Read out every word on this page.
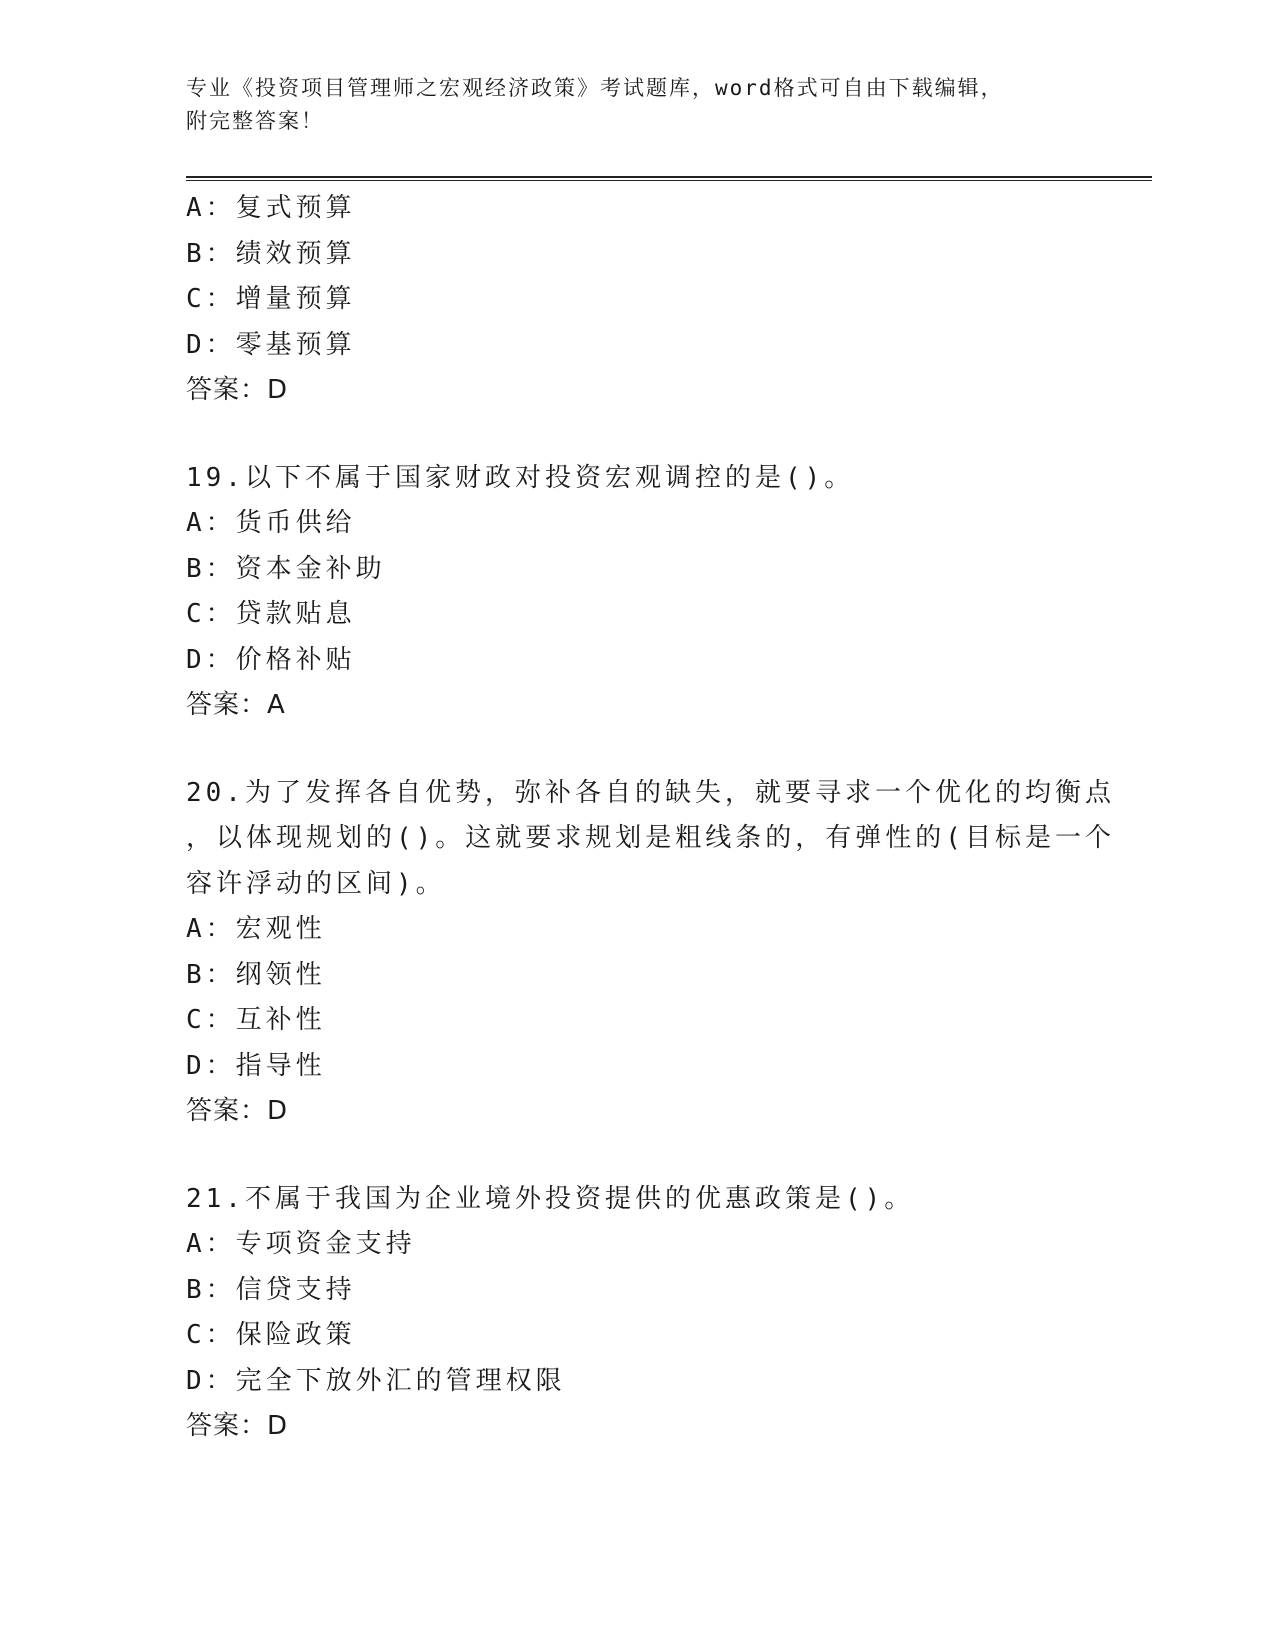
专业《投资项目管理师之宏观经济政策》考试题库，word格式可自由下载编辑，
附完整答案！
A：复式预算
B：绩效预算
C：增量预算
D：零基预算
答案：D
19.以下不属于国家财政对投资宏观调控的是()。
A：货币供给
B：资本金补助
C：贷款贴息
D：价格补贴
答案：A
20.为了发挥各自优势，弥补各自的缺失，就要寻求一个优化的均衡点
，以体现规划的()。这就要求规划是粗线条的，有弹性的(目标是一个
容许浮动的区间)。
A：宏观性
B：纲领性
C：互补性
D：指导性
答案：D
21.不属于我国为企业境外投资提供的优惠政策是()。
A：专项资金支持
B：信贷支持
C：保险政策
D：完全下放外汇的管理权限
答案：D
